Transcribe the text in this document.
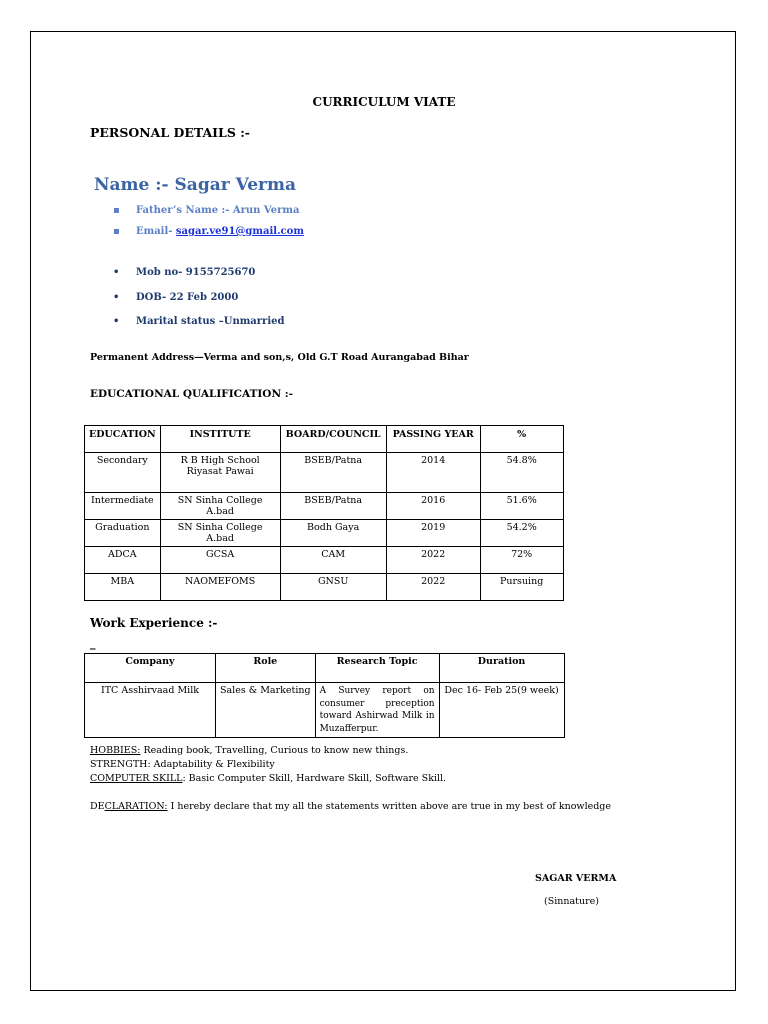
CURRICULUM VIATE
PERSONAL DETAILS :-
Name :- Sagar Verma
▪ Father’s Name :- Arun Verma
▪ Email- sagar.ve91@gmail.com
• Mob no- 9155725670
• DOB- 22 Feb 2000
• Marital status –Unmarried
Permanent Address—Verma and son,s, Old G.T Road Aurangabad Bihar
EDUCATIONAL QUALIFICATION :-
EDUCATION	INSTITUTE	BOARD/COUNCIL	PASSING YEAR	%
Secondary	R B High School Riyasat Pawai	BSEB/Patna	2014	54.8%
Intermediate	SN Sinha College A.bad	BSEB/Patna	2016	51.6%
Graduation	SN Sinha College A.bad	Bodh Gaya	2019	54.2%
ADCA	GCSA	CAM	2022	72%
MBA	NAOMEFOMS	GNSU	2022	Pursuing
Work Experience :-
_
Company	Role	Research Topic	Duration
ITC Asshirvaad Milk	Sales & Marketing	A Survey report on consumer preception toward Ashirwad Milk in Muzafferpur.	Dec 16- Feb 25(9 week)
HOBBIES: Reading book, Travelling, Curious to know new things.
STRENGTH: Adaptability & Flexibility
COMPUTER SKILL: Basic Computer Skill, Hardware Skill, Software Skill.
DECLARATION: I hereby declare that my all the statements written above are true in my best of knowledge
SAGAR VERMA
(Sinnature)
